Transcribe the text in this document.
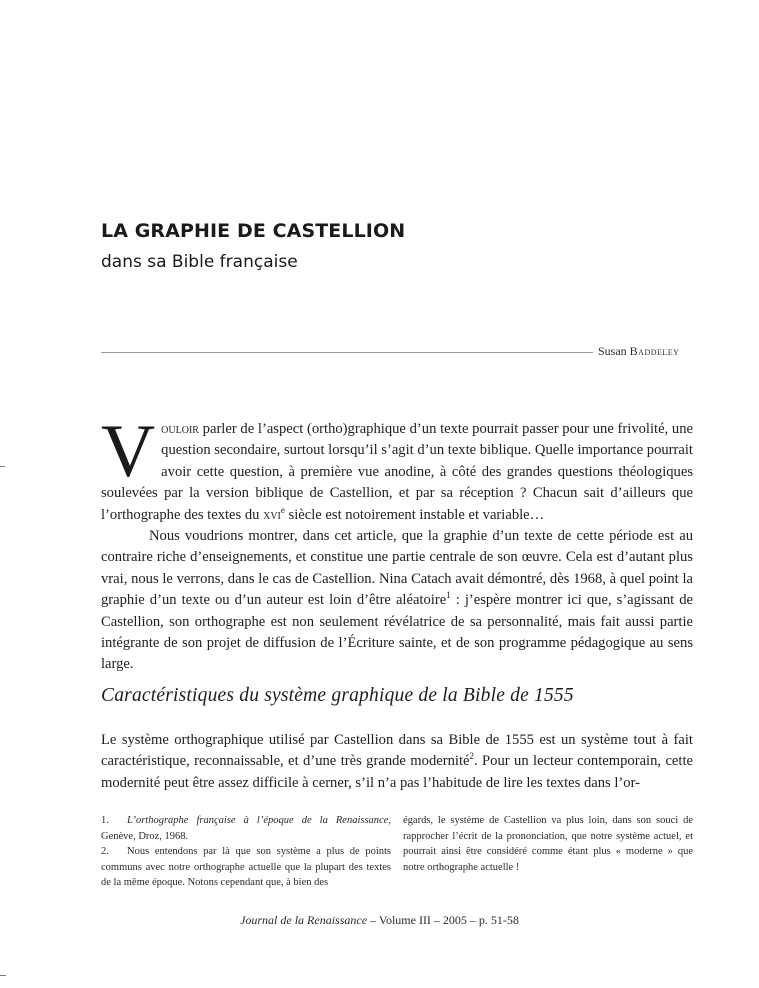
LA GRAPHIE DE CASTELLION
dans sa Bible française
Susan Baddeley

Vouloir parler de l’aspect (ortho)graphique d’un texte pourrait passer pour une frivolité, une question secondaire, surtout lorsqu’il s’agit d’un texte biblique. Quelle importance pourrait avoir cette question, à première vue anodine, à côté des grandes questions théologiques soulevées par la version biblique de Castellion, et par sa réception ? Chacun sait d’ailleurs que l’orthographe des textes du xvi$^e$ siècle est notoirement instable et variable…

Nous voudrions montrer, dans cet article, que la graphie d’un texte de cette période est au contraire riche d’enseignements, et constitue une partie centrale de son œuvre. Cela est d’autant plus vrai, nous le verrons, dans le cas de Castellion. Nina Catach avait démontré, dès 1968, à quel point la graphie d’un texte ou d’un auteur est loin d’être aléatoire$^1$ : j’espère montrer ici que, s’agissant de Castellion, son orthographe est non seulement révélatrice de sa personnalité, mais fait aussi partie intégrante de son projet de diffusion de l’Écriture sainte, et de son programme pédagogique au sens large.

Caractéristiques du système graphique de la Bible de 1555

Le système orthographique utilisé par Castellion dans sa Bible de 1555 est un système tout à fait caractéristique, reconnaissable, et d’une très grande modernité$^2$. Pour un lecteur contemporain, cette modernité peut être assez difficile à cerner, s’il n’a pas l’habitude de lire les textes dans l’or-

1. L’orthographe française à l’époque de la Renaissance, Genève, Droz, 1968.

2. Nous entendons par là que son système a plus de points communs avec notre orthographe actuelle que la plupart des textes de la même époque. Notons cependant que, à bien des

égards, le système de Castellion va plus loin, dans son souci de rapprocher l’écrit de la prononciation, que notre système actuel, et pourrait ainsi être considéré comme étant plus « moderne » que notre orthographe actuelle !

Journal de la Renaissance – Volume III – 2005 – p. 51-58
